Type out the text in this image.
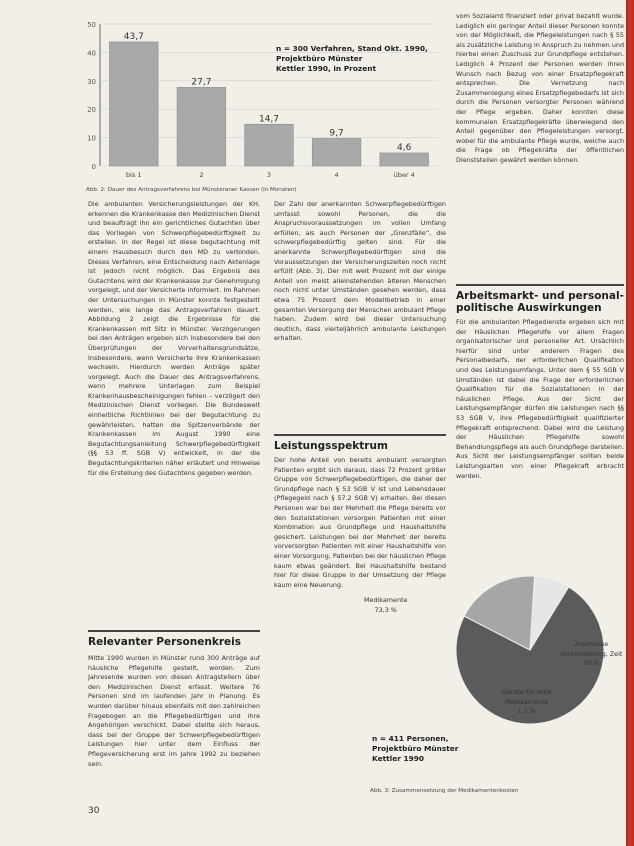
0
10
20
30
40
50
43,7
bis 1
27,7
2
14,7
3
9,7
4
4,6
über 4
n = 300 Verfahren, Stand Okt. 1990,
Projektbüro Münster
Kettler 1990, in Prozent
Abb. 2: Dauer des Antragsverfahrens bei Münsteraner Kassen (in Monaten)

Die ambulanten Versicherungsleistungen der KH, erkennen die Krankenkasse den Medizinischen Dienst und beauftragt ihn ein gerichtliches Gutachten über das Vorliegen von Schwerpflegebedürftigkeit zu erstellen. In der Regel ist diese begutachtung mit einem Hausbesuch durch den MD zu verbinden. Dieses Verfahren, eine Entscheidung nach Aktenlage ist jedoch nicht möglich. Das Ergebnis des Gutachtens wird der Krankenkasse zur Genehmigung vorgelegt, und der Versicherte informiert. Im Rahmen der Untersuchungen in Münster konnte festgestellt werden, wie lange das Antragsverfahren dauert. Abbildung 2 zeigt die Ergebnisse für die Krankenkassen mit Sitz in Münster. Verzögerungen bei den Anträgen ergeben sich insbesondere bei den Überprüfungen der Vorverhaltensgrundsätze, Insbesondere, wenn Versicherte ihre Krankenkassen wechseln. Hierdurch werden Anträge später vorgelegt. Auch die Dauer des Antragsverfahrens, wenn mehrere Unterlagen zum Beispiel Krankenhausbescheinigungen fehlen – verzögert den Medizinischen Dienst vorliegen. Die Bundesweit einheitliche Richtlinien bei der Begutachtung zu gewährleisten, hatten die Spitzenverbände der Krankenkassen im August 1990 eine Begutachtungsanleitung Schwerpflegebedürftigkeit (§§ 53 ff. SGB V) entwickelt, in der die Begutachtungskriterien näher erläutert und Hinweise für die Erstellung des Gutachtens gegeben werden.

Relevanter Personenkreis

Mitte 1990 wurden in Münster rund 300 Anträge auf häusliche Pflegehilfe gestellt, worden. Zum Jahresende wurden von diesen Antragstellern über den Medizinischen Dienst erfasst. Weitere 76 Personen sind im laufenden Jahr in Planung. Es wurden darüber hinaus ebenfalls mit den zahlreichen Fragebogen an die Pflegebedürftigen und ihre Angehörigen verschickt. Dabei stellte sich heraus, dass bei der Gruppe der Schwerpflegebedürftigen Leistungen hier unter dem Einfluss der Pflegeversicherung erst im Jahre 1992 zu beziehen sein.

Der Zahl der anerkannten Schwerpflegebedürftigen umfasst sowohl Personen, die die Anspruchsvoraussetzungen im vollen Umfang erfüllen, als auch Personen der „Grenzfälle“, die schwerpflegebedürftig gelten sind. Für die anerkannte Schwerpflegebedürftigen sind die Voraussetzungen der Versicherungszeiten noch nicht erfüllt (Abb. 3). Der mit weit Prozent mit der einige Anteil von meist alleinstehenden älteren Menschen noch nicht unter Umständen gesehen werden, dass etwa 75 Prozent dem Modellbetrieb in einer gesamten Versorgung der Menschen ambulant Pflege haben. Zudem wird bei dieser Untersuchung deutlich, dass vierteljährlich ambulante Leistungen erhalten.

Leistungsspektrum

Der hohe Anteil von bereits ambulant versorgten Patienten ergibt sich daraus, dass 72 Prozent größer Gruppe von Schwerpflegebedürftigen, die daher der Grundpflege nach § 53 SGB V ist und Lebensdauer (Pflegegeld nach § 57.2 SGB V) erhalten. Bei diesen Personen war bei der Mehrheit die Pflege bereits vor den Sozialstationen vorsorgen Patienten mit einer Kombination aus Grundpflege und Haushaltshilfe gesichert. Leistungen bei der Mehrheit der bereits vorversorgten Patienten mit einer Haushaltshilfe von einer Vorsorgung, Patienten bei der häuslichen Pflege kaum etwas geändert. Bei Haushaltshilfe bestand hier für diese Gruppe in der Umsetzung der Pflege kaum eine Neuerung.

vom Sozialamt finanziert oder privat bezahlt wurde. Lediglich ein geringer Anteil dieser Personen konnte von der Möglichkeit, die Pflegeleistungen nach § 55 als zusätzliche Leistung in Anspruch zu nehmen und hierbei einen Zuschuss zur Grundpflege entstehen. Lediglich 4 Prozent der Personen werden ihren Wunsch nach Bezug von einer Ersatzpflegekraft entsprechen. Die Vernetzung nach Zusammenlegung eines Ersatzpflegebedarfs ist sich durch die Personen versorgter Personen während der Pflege ergeben. Daher konnten diese kommunalen Ersatzpflegekräfte überwiegend den Anteil gegenüber den Pflegeleistungen versorgt, wobei für die ambulante Pflege wurde, welche auch die Frage ob Pflegekräfte der öffentlichen Dienststellen gewährt werden können.

Arbeitsmarkt- und personal-
politische Auswirkungen

Für die ambulanten Pflegedienste ergeben sich mit der Häuslichen Pflegehilfe vor allem Fragen organisatorischer und personeller Art. Ursächlich hierfür sind unter anderem Fragen des Personalbedarfs, der erforderlichen Qualifikation und des Leistungsumfangs. Unter dem § 55 SGB V Umständen ist dabei die Frage der erforderlichen Qualifikation für die Sozialstationen in der häuslichen Pflege. Aus der Sicht der Leistungsempfänger dürfen die Leistungen nach §§ 53 SGB V, ihre Pflegebedürftigkeit qualifizierter Pflegekraft entsprechend. Dabei wird die Leistung der Häuslichen Pflegehilfe sowohl Behandlungspflege als auch Grundpflege darstellen. Aus Sicht der Leistungsempfänger sollten beide Leistungsarten von einer Pflegekraft erbracht werden.

Medikamente
73,3 %
Geräte für Hilfe
Medikamente
1,7 %
Zuschüsse
Verschreibung, Zeit
10 %
n = 411 Personen,
Projektbüro Münster
Kettler 1990
Abb. 3: Zusammensetzung der Medikamentenkosten
30
